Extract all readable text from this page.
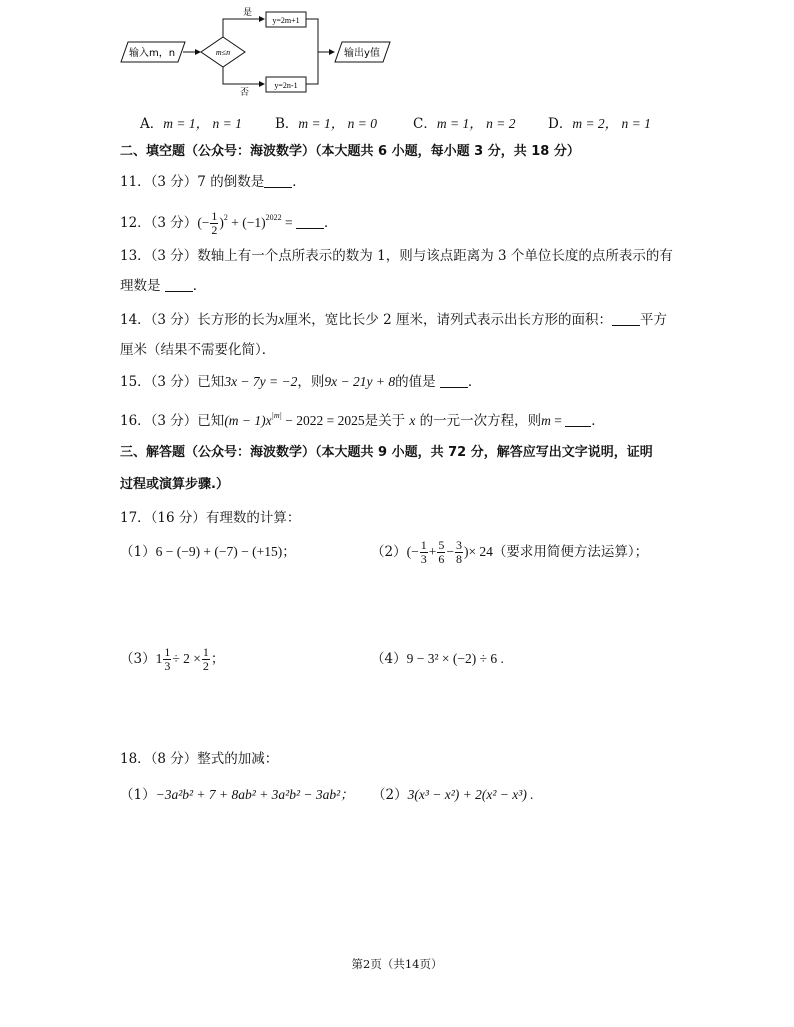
输入m，n	m≤n
是
否
y=2m+1
y=2n-1
输出y值
A．m = 1， n = 1 B．m = 1， n = 0	C．m = 1， n = 2 D．m = 2， n = 1
二、填空题（公众号：海波数学）（本大题共 6 小题，每小题 3 分，共 18 分）
11．（3 分）7 的倒数是 ．
12．（3 分）(− $\frac{1}{2} )^2 + (-1)^{2022}$ = ．
13．（3 分）数轴上有一个点所表示的数为 1，则与该点距离为 3 个单位长度的点所表示的有
理数是 ．
14．（3 分）长方形的长为x厘米，宽比长少 2 厘米，请列式表示出长方形的面积： 平方
厘米（结果不需要化简）．
15．（3 分）已知3x − 7y = −2，则9x − 21y + 8的值是 ．
16．（3 分）已知$(m - 1)x^{|m|} - 2022 = 2025$是关于 x 的一元一次方程，则m = ．
三、解答题（公众号：海波数学）（本大题共 9 小题，共 72 分，解答应写出文字说明，证明
过程或演算步骤.）
17．（16 分）有理数的计算：
（1）6 − (−9) + (−7) − (+15)；	$(2)(- \frac{1}{3} + \frac{5}{6} - \frac{3}{8}$ )× 24（要求用简便方法运算）；
$(3)1 \frac{1}{3} \div 2 \times \frac{1}{2}$ ；	（4）9 − 3² × (−2) ÷ 6 .
18．（8 分）整式的加减：
（1）−3a²b² + 7 + 8ab² + 3a²b² − 3ab²； （2）3(x³ − x²) + 2(x² − x³) .
第2页（共14页）
